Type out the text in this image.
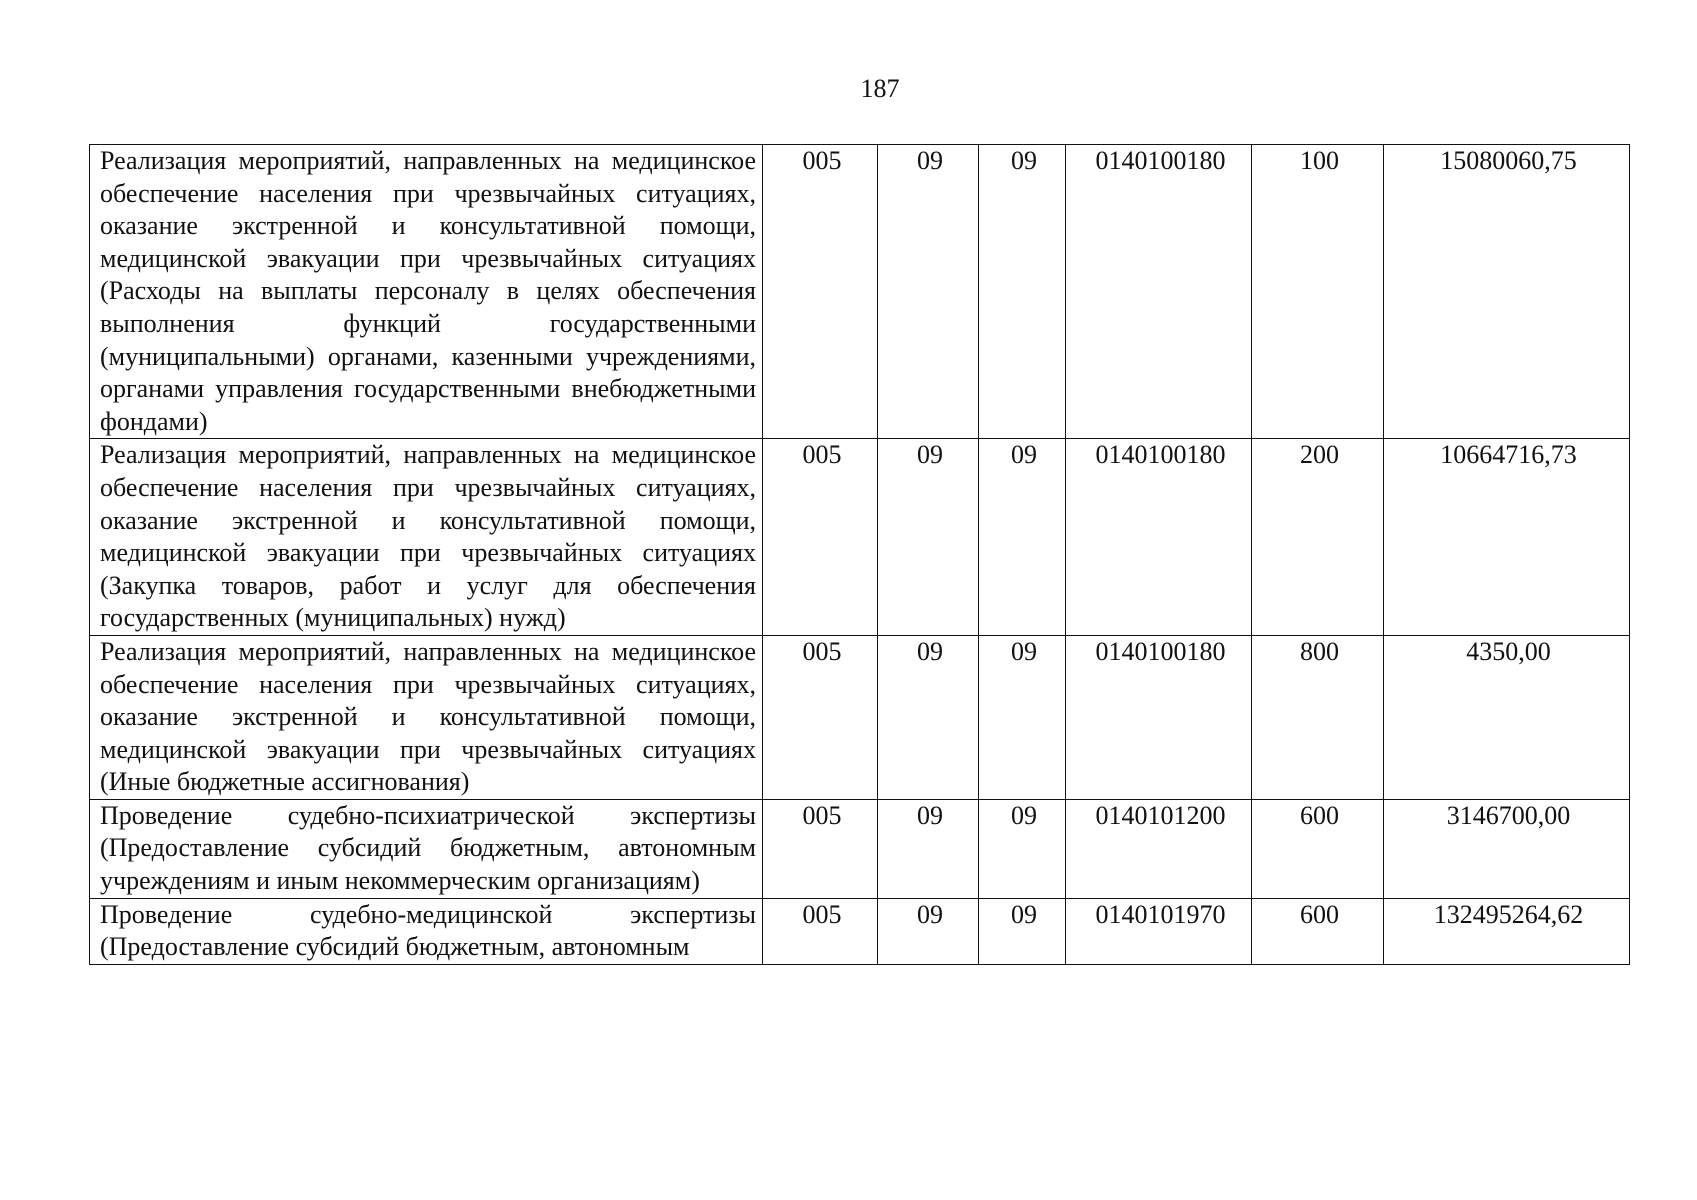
187
Реализация мероприятий, направленных на медицинское обеспечение населения при чрезвычайных ситуациях, оказание экстренной и консультативной помощи, медицинской эвакуации при чрезвычайных ситуациях (Расходы на выплаты персоналу в целях обеспечения выполнения функций государственными (муниципальными) органами, казенными учреждениями, органами управления государственными внебюджетными фондами)	005	09	09	0140100180	100	15080060,75
Реализация мероприятий, направленных на медицинское обеспечение населения при чрезвычайных ситуациях, оказание экстренной и консультативной помощи, медицинской эвакуации при чрезвычайных ситуациях (Закупка товаров, работ и услуг для обеспечения государственных (муниципальных) нужд)	005	09	09	0140100180	200	10664716,73
Реализация мероприятий, направленных на медицинское обеспечение населения при чрезвычайных ситуациях, оказание экстренной и консультативной помощи, медицинской эвакуации при чрезвычайных ситуациях (Иные бюджетные ассигнования)	005	09	09	0140100180	800	4350,00
Проведение судебно-психиатрической экспертизы (Предоставление субсидий бюджетным, автономным учреждениям и иным некоммерческим организациям)	005	09	09	0140101200	600	3146700,00

Проведение судебно-медицинской экспертизы (Предоставление субсидий бюджетным, автономным	005	09	09	0140101970	600	132495264,62
